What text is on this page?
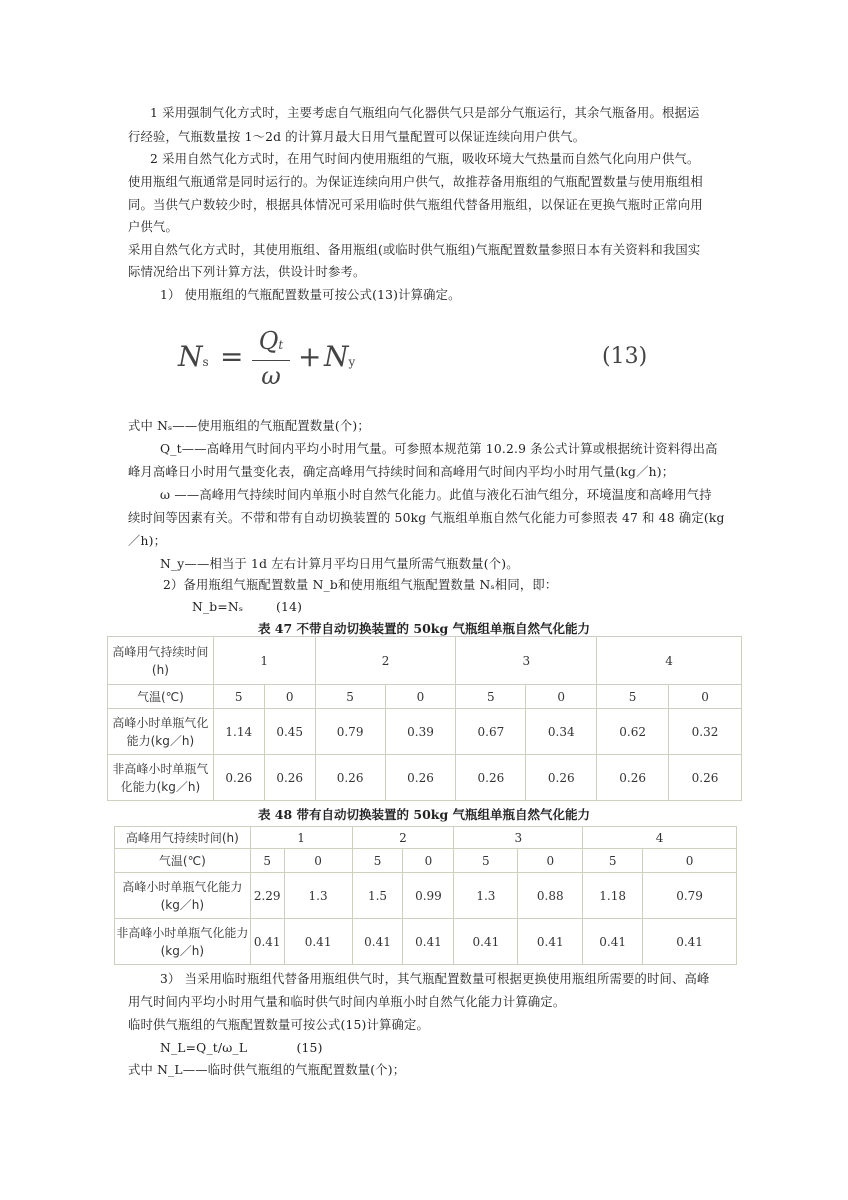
1 采用强制气化方式时，主要考虑自气瓶组向气化器供气只是部分气瓶运行，其余气瓶备用。根据运
行经验，气瓶数量按 1～2d 的计算月最大日用气量配置可以保证连续向用户供气。
2 采用自然气化方式时，在用气时间内使用瓶组的气瓶，吸收环境大气热量而自然气化向用户供气。
使用瓶组气瓶通常是同时运行的。为保证连续向用户供气，故推荐备用瓶组的气瓶配置数量与使用瓶组相
同。当供气户数较少时，根据具体情况可采用临时供气瓶组代替备用瓶组，以保证在更换气瓶时正常向用
户供气。
采用自然气化方式时，其使用瓶组、备用瓶组(或临时供气瓶组)气瓶配置数量参照日本有关资料和我国实
际情况给出下列计算方法，供设计时参考。
1） 使用瓶组的气瓶配置数量可按公式(13)计算确定。
Ns = Qt
ω
+ Ny	(13)
式中 Nₛ——使用瓶组的气瓶配置数量(个)；
Q_t——高峰用气时间内平均小时用气量。可参照本规范第 10.2.9 条公式计算或根据统计资料得出高
峰月高峰日小时用气量变化表，确定高峰用气持续时间和高峰用气时间内平均小时用气量(kg／h)；
ω ——高峰用气持续时间内单瓶小时自然气化能力。此值与液化石油气组分，环境温度和高峰用气持
续时间等因素有关。不带和带有自动切换装置的 50kg 气瓶组单瓶自然气化能力可参照表 47 和 48 确定(kg
／h)；
N_y——相当于 1d 左右计算月平均日用气量所需气瓶数量(个)。
2）备用瓶组气瓶配置数量 N_b和使用瓶组气瓶配置数量 Nₛ相同，即：
N_b=Nₛ        (14)
表 47 不带自动切换装置的 50kg 气瓶组单瓶自然气化能力
高峰用气持续时间(h)	1		2		3		4	
气温(℃)	5	0	5	0	5	0	5	0
高峰小时单瓶气化能力(kg／h)	1.14	0.45	0.79	0.39	0.67	0.34	0.62	0.32
非高峰小时单瓶气化能力(kg／h)	0.26	0.26	0.26	0.26	0.26	0.26	0.26	0.26
表 48 带有自动切换装置的 50kg 气瓶组单瓶自然气化能力
高峰用气持续时间(h)	1		2		3		4	
气温(℃)	5	0	5	0	5	0	5	0
高峰小时单瓶气化能力(kg／h)	2.29	1.3	1.5	0.99	1.3	0.88	1.18	0.79
非高峰小时单瓶气化能力(kg／h)	0.41	0.41	0.41	0.41	0.41	0.41	0.41	0.41
3） 当采用临时瓶组代替备用瓶组供气时，其气瓶配置数量可根据更换使用瓶组所需要的时间、高峰
用气时间内平均小时用气量和临时供气时间内单瓶小时自然气化能力计算确定。
临时供气瓶组的气瓶配置数量可按公式(15)计算确定。
N_L=Q_t/ω_L            (15)
式中 N_L——临时供气瓶组的气瓶配置数量(个)；
